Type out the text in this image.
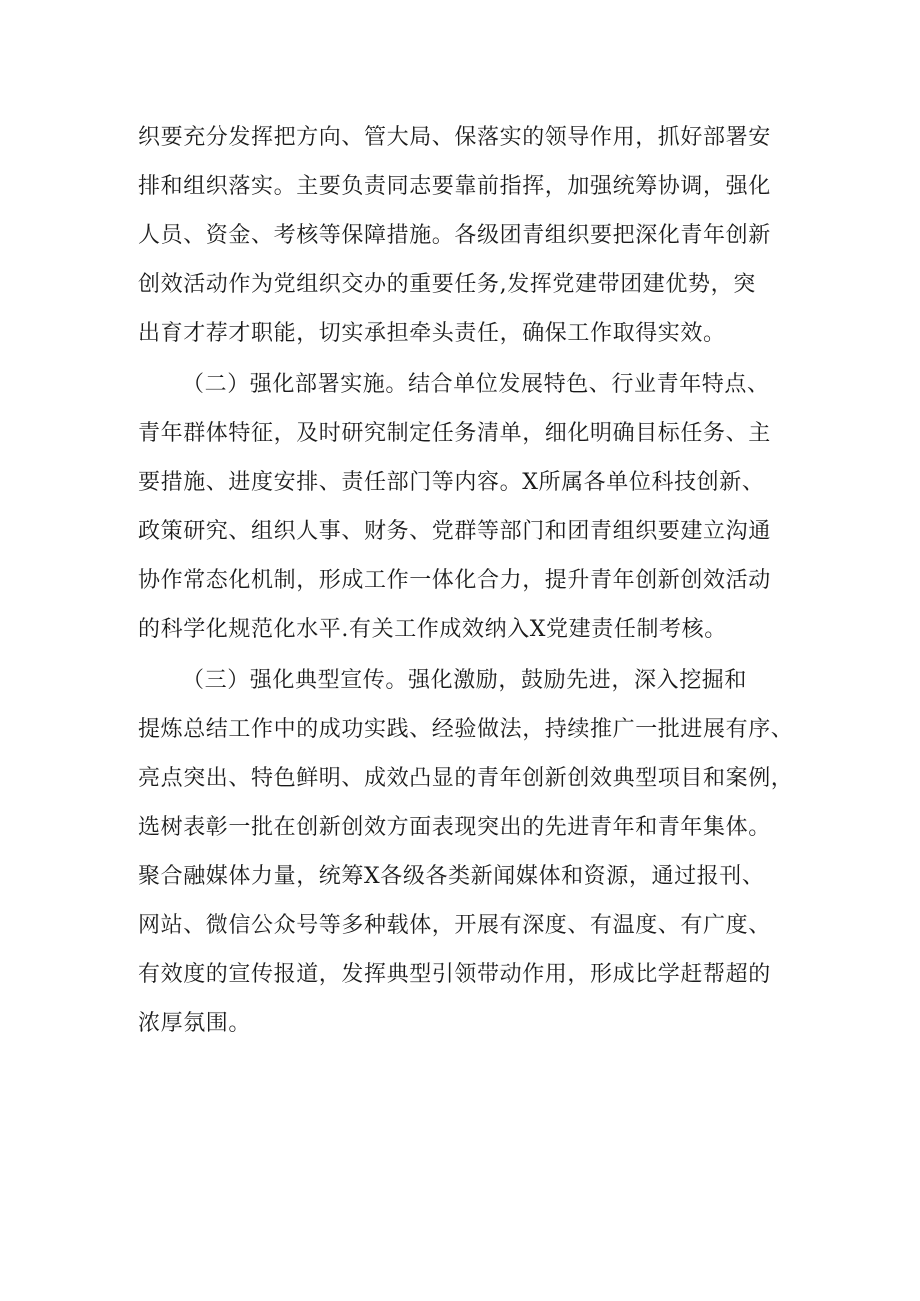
织要充分发挥把方向、管大局、保落实的领导作用，抓好部署安
排和组织落实。主要负责同志要靠前指挥，加强统筹协调，强化
人员、资金、考核等保障措施。各级团青组织要把深化青年创新
创效活动作为党组织交办的重要任务,发挥党建带团建优势，突
出育才荐才职能，切实承担牵头责任，确保工作取得实效。
（二）强化部署实施。结合单位发展特色、行业青年特点、
青年群体特征，及时研究制定任务清单，细化明确目标任务、主
要措施、进度安排、责任部门等内容。X所属各单位科技创新、
政策研究、组织人事、财务、党群等部门和团青组织要建立沟通
协作常态化机制，形成工作一体化合力，提升青年创新创效活动
的科学化规范化水平.有关工作成效纳入X党建责任制考核。
（三）强化典型宣传。强化激励，鼓励先进，深入挖掘和
提炼总结工作中的成功实践、经验做法，持续推广一批进展有序、
亮点突出、特色鲜明、成效凸显的青年创新创效典型项目和案例，
选树表彰一批在创新创效方面表现突出的先进青年和青年集体。
聚合融媒体力量，统筹X各级各类新闻媒体和资源，通过报刊、
网站、微信公众号等多种载体，开展有深度、有温度、有广度、
有效度的宣传报道，发挥典型引领带动作用，形成比学赶帮超的
浓厚氛围。
